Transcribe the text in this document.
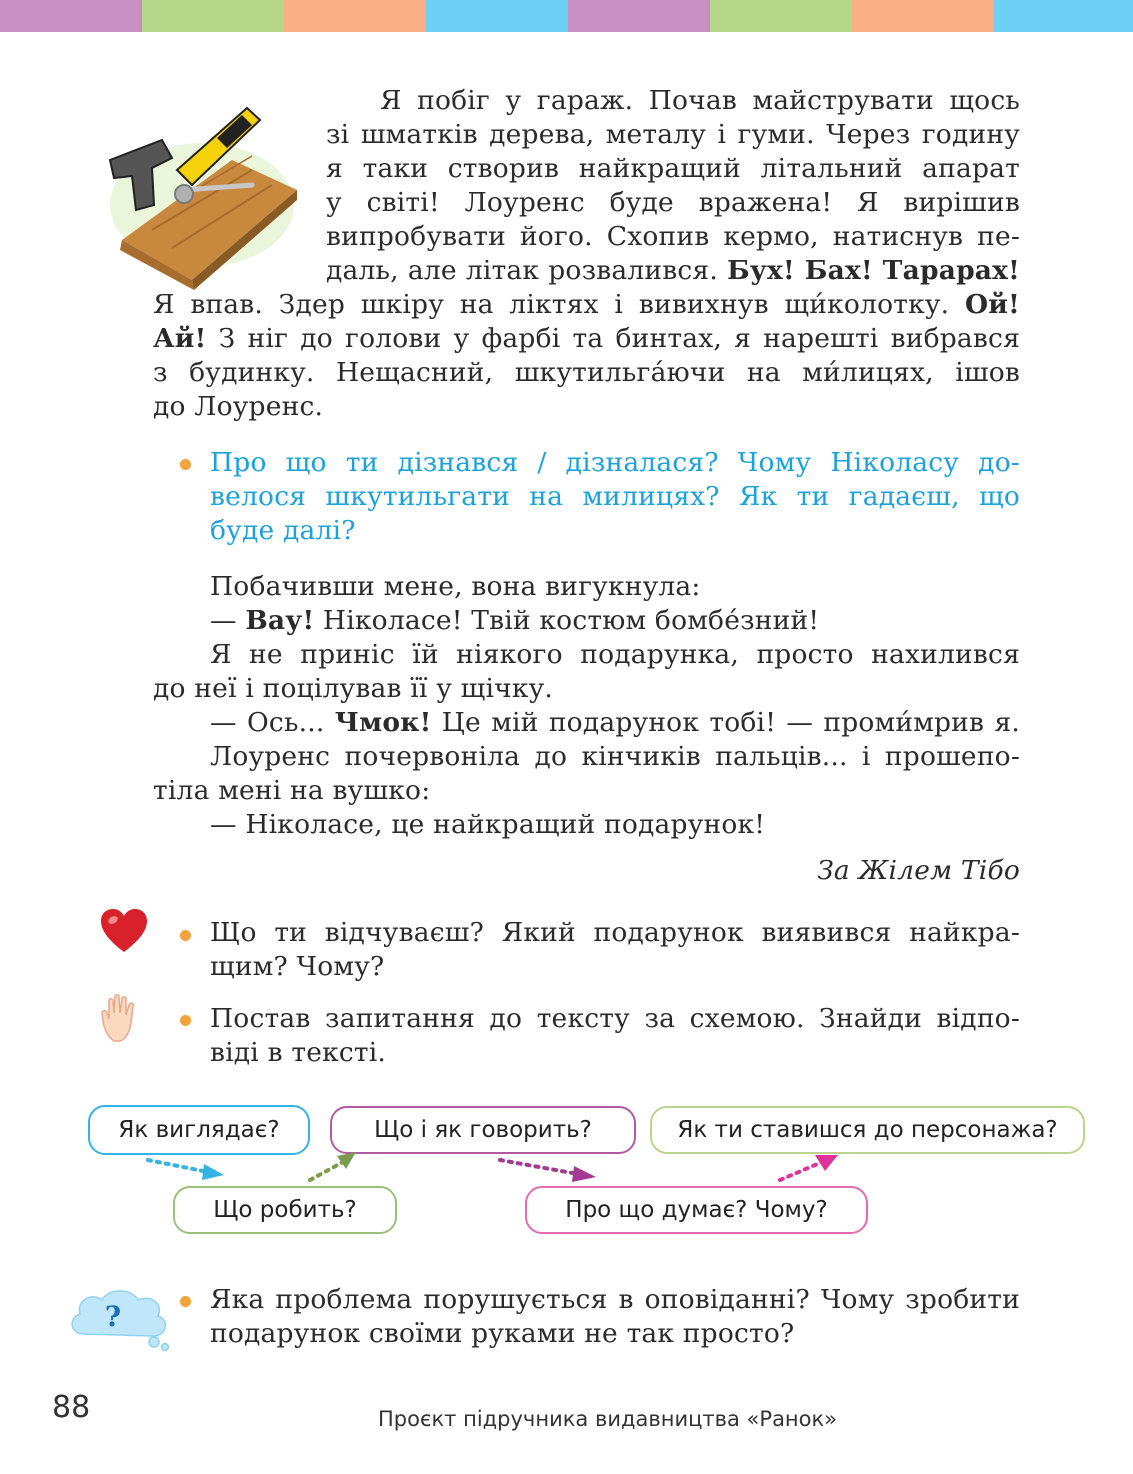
Я побіг у гараж. Почав майструвати щось
зі шматків дерева, металу і гуми. Через годину
я таки створив найкращий літальний апарат
у світі! Лоуренс буде вражена! Я вирішив
випробувати його. Схопив кермо, натиснув пе-
даль, але літак розвалився. Бух! Бах! Тарарах!
Я впав. Здер шкіру на ліктях і вивихнув щи́колотку. Ой!
Ай! З ніг до голови у фарбі та бинтах, я нарешті вибрався
з будинку. Нещасний, шкутильга́ючи на ми́лицях, ішов
до Лоуренс.
Про що ти дізнався / дізналася? Чому Ніколасу до-
велося шкутильгати на милицях? Як ти гадаєш, що
буде далі?
Побачивши мене, вона вигукнула:
— Вау! Ніколасе! Твій костюм бомбе́зний!
Я не приніс їй ніякого подарунка, просто нахилився
до неї і поцілував її у щічку.
— Ось... Чмок! Це мій подарунок тобі! — проми́мрив я.
Лоуренс почервоніла до кінчиків пальців... і прошепо-
тіла мені на вушко:
— Ніколасе, це найкращий подарунок!
За Жілем Тібо
Що ти відчуваєш? Який подарунок виявився найкра-
щим? Чому?
Постав запитання до тексту за схемою. Знайди відпо-
віді в тексті.
Як виглядає?
Що робить?
Що і як говорить?
Про що думає? Чому?
Як ти ставишся до персонажа?
?
Яка проблема порушується в оповіданні? Чому зробити
подарунок своїми руками не так просто?
88	Проєкт підручника видавництва «Ранок»
